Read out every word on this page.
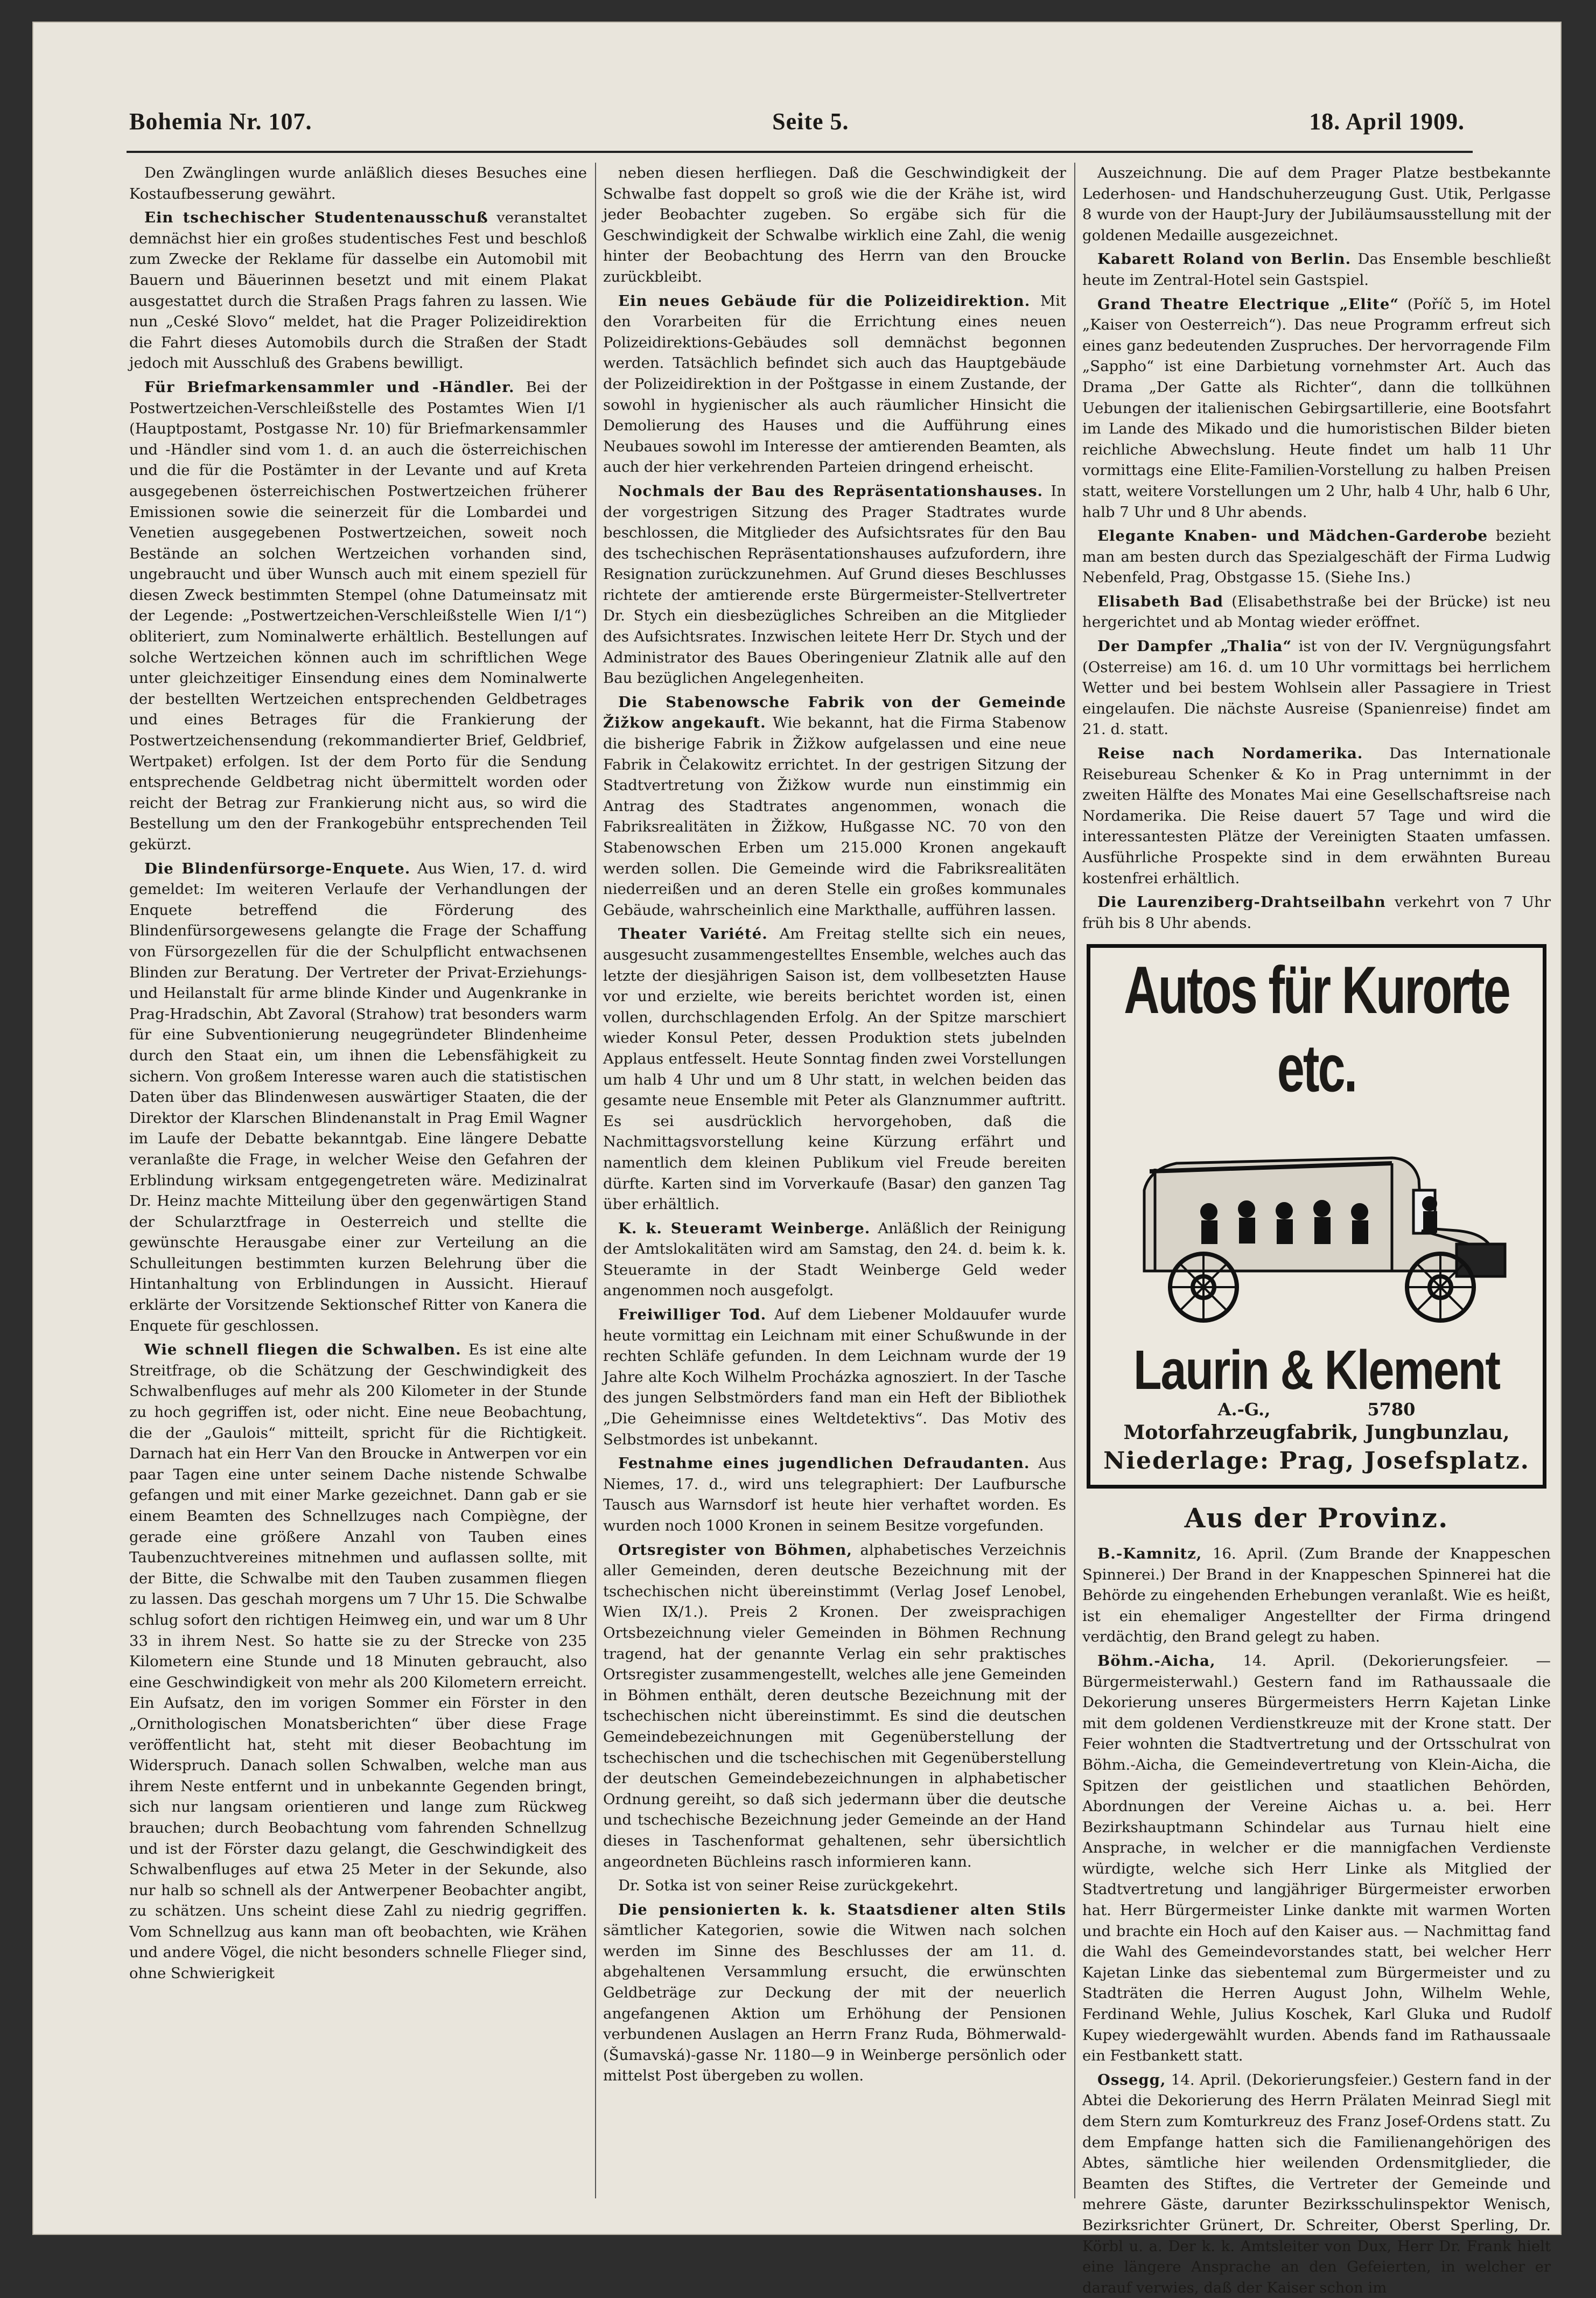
Bohemia Nr. 107.	Seite 5.	18. April 1909.

Den Zwänglingen wurde anläßlich dieses Besuches eine Kostaufbesserung gewährt.

Ein tschechischer Studentenausschuß veranstaltet demnächst hier ein großes studentisches Fest und beschloß zum Zwecke der Reklame für dasselbe ein Automobil mit Bauern und Bäuerinnen besetzt und mit einem Plakat ausgestattet durch die Straßen Prags fahren zu lassen. Wie nun „Ceské Slovo“ meldet, hat die Prager Polizeidirektion die Fahrt dieses Automobils durch die Straßen der Stadt jedoch mit Ausschluß des Grabens bewilligt.

Für Briefmarkensammler und -Händler. Bei der Postwertzeichen-Verschleißstelle des Postamtes Wien I/1 (Hauptpostamt, Postgasse Nr. 10) für Briefmarkensammler und -Händler sind vom 1. d. an auch die österreichischen und die für die Postämter in der Levante und auf Kreta ausgegebenen österreichischen Postwertzeichen früherer Emissionen sowie die seinerzeit für die Lombardei und Venetien ausgegebenen Postwertzeichen, soweit noch Bestände an solchen Wertzeichen vorhanden sind, ungebraucht und über Wunsch auch mit einem speziell für diesen Zweck bestimmten Stempel (ohne Datumeinsatz mit der Legende: „Postwertzeichen-Verschleißstelle Wien I/1“) obliteriert, zum Nominalwerte erhältlich. Bestellungen auf solche Wertzeichen können auch im schriftlichen Wege unter gleichzeitiger Einsendung eines dem Nominalwerte der bestellten Wertzeichen entsprechenden Geldbetrages und eines Betrages für die Frankierung der Postwertzeichensendung (rekommandierter Brief, Geldbrief, Wertpaket) erfolgen. Ist der dem Porto für die Sendung entsprechende Geldbetrag nicht übermittelt worden oder reicht der Betrag zur Frankierung nicht aus, so wird die Bestellung um den der Frankogebühr entsprechenden Teil gekürzt.

Die Blindenfürsorge-Enquete. Aus Wien, 17. d. wird gemeldet: Im weiteren Verlaufe der Verhandlungen der Enquete betreffend die Förderung des Blindenfürsorgewesens gelangte die Frage der Schaffung von Fürsorgezellen für die der Schulpflicht entwachsenen Blinden zur Beratung. Der Vertreter der Privat-Erziehungs- und Heilanstalt für arme blinde Kinder und Augenkranke in Prag-Hradschin, Abt Zavoral (Strahow) trat besonders warm für eine Subventionierung neugegründeter Blindenheime durch den Staat ein, um ihnen die Lebensfähigkeit zu sichern. Von großem Interesse waren auch die statistischen Daten über das Blindenwesen auswärtiger Staaten, die der Direktor der Klarschen Blindenanstalt in Prag Emil Wagner im Laufe der Debatte bekanntgab. Eine längere Debatte veranlaßte die Frage, in welcher Weise den Gefahren der Erblindung wirksam entgegengetreten wäre. Medizinalrat Dr. Heinz machte Mitteilung über den gegenwärtigen Stand der Schularztfrage in Oesterreich und stellte die gewünschte Herausgabe einer zur Verteilung an die Schulleitungen bestimmten kurzen Belehrung über die Hintanhaltung von Erblindungen in Aussicht. Hierauf erklärte der Vorsitzende Sektionschef Ritter von Kanera die Enquete für geschlossen.

Wie schnell fliegen die Schwalben. Es ist eine alte Streitfrage, ob die Schätzung der Geschwindigkeit des Schwalbenfluges auf mehr als 200 Kilometer in der Stunde zu hoch gegriffen ist, oder nicht. Eine neue Beobachtung, die der „Gaulois“ mitteilt, spricht für die Richtigkeit. Darnach hat ein Herr Van den Broucke in Antwerpen vor ein paar Tagen eine unter seinem Dache nistende Schwalbe gefangen und mit einer Marke gezeichnet. Dann gab er sie einem Beamten des Schnellzuges nach Compiègne, der gerade eine größere Anzahl von Tauben eines Taubenzuchtvereines mitnehmen und auflassen sollte, mit der Bitte, die Schwalbe mit den Tauben zusammen fliegen zu lassen. Das geschah morgens um 7 Uhr 15. Die Schwalbe schlug sofort den richtigen Heimweg ein, und war um 8 Uhr 33 in ihrem Nest. So hatte sie zu der Strecke von 235 Kilometern eine Stunde und 18 Minuten gebraucht, also eine Geschwindigkeit von mehr als 200 Kilometern erreicht. Ein Aufsatz, den im vorigen Sommer ein Förster in den „Ornithologischen Monatsberichten“ über diese Frage veröffentlicht hat, steht mit dieser Beobachtung im Widerspruch. Danach sollen Schwalben, welche man aus ihrem Neste entfernt und in unbekannte Gegenden bringt, sich nur langsam orientieren und lange zum Rückweg brauchen; durch Beobachtung vom fahrenden Schnellzug und ist der Förster dazu gelangt, die Geschwindigkeit des Schwalbenfluges auf etwa 25 Meter in der Sekunde, also nur halb so schnell als der Antwerpener Beobachter angibt, zu schätzen. Uns scheint diese Zahl zu niedrig gegriffen. Vom Schnellzug aus kann man oft beobachten, wie Krähen und andere Vögel, die nicht besonders schnelle Flieger sind, ohne Schwierigkeit

neben diesen herfliegen. Daß die Geschwindigkeit der Schwalbe fast doppelt so groß wie die der Krähe ist, wird jeder Beobachter zugeben. So ergäbe sich für die Geschwindigkeit der Schwalbe wirklich eine Zahl, die wenig hinter der Beobachtung des Herrn van den Broucke zurückbleibt.

Ein neues Gebäude für die Polizeidirektion. Mit den Vorarbeiten für die Errichtung eines neuen Polizeidirektions-Gebäudes soll demnächst begonnen werden. Tatsächlich befindet sich auch das Hauptgebäude der Polizeidirektion in der Poštgasse in einem Zustande, der sowohl in hygienischer als auch räumlicher Hinsicht die Demolierung des Hauses und die Aufführung eines Neubaues sowohl im Interesse der amtierenden Beamten, als auch der hier verkehrenden Parteien dringend erheischt.

Nochmals der Bau des Repräsentationshauses. In der vorgestrigen Sitzung des Prager Stadtrates wurde beschlossen, die Mitglieder des Aufsichtsrates für den Bau des tschechischen Repräsentationshauses aufzufordern, ihre Resignation zurückzunehmen. Auf Grund dieses Beschlusses richtete der amtierende erste Bürgermeister-Stellvertreter Dr. Stych ein diesbezügliches Schreiben an die Mitglieder des Aufsichtsrates. Inzwischen leitete Herr Dr. Stych und der Administrator des Baues Oberingenieur Zlatnik alle auf den Bau bezüglichen Angelegenheiten.

Die Stabenowsche Fabrik von der Gemeinde Žižkow angekauft. Wie bekannt, hat die Firma Stabenow die bisherige Fabrik in Žižkow aufgelassen und eine neue Fabrik in Čelakowitz errichtet. In der gestrigen Sitzung der Stadtvertretung von Žižkow wurde nun einstimmig ein Antrag des Stadtrates angenommen, wonach die Fabriksrealitäten in Žižkow, Hußgasse NC. 70 von den Stabenowschen Erben um 215.000 Kronen angekauft werden sollen. Die Gemeinde wird die Fabriksrealitäten niederreißen und an deren Stelle ein großes kommunales Gebäude, wahrscheinlich eine Markthalle, aufführen lassen.

Theater Variété. Am Freitag stellte sich ein neues, ausgesucht zusammengestelltes Ensemble, welches auch das letzte der diesjährigen Saison ist, dem vollbesetzten Hause vor und erzielte, wie bereits berichtet worden ist, einen vollen, durchschlagenden Erfolg. An der Spitze marschiert wieder Konsul Peter, dessen Produktion stets jubelnden Applaus entfesselt. Heute Sonntag finden zwei Vorstellungen um halb 4 Uhr und um 8 Uhr statt, in welchen beiden das gesamte neue Ensemble mit Peter als Glanznummer auftritt. Es sei ausdrücklich hervorgehoben, daß die Nachmittagsvorstellung keine Kürzung erfährt und namentlich dem kleinen Publikum viel Freude bereiten dürfte. Karten sind im Vorverkaufe (Basar) den ganzen Tag über erhältlich.

K. k. Steueramt Weinberge. Anläßlich der Reinigung der Amtslokalitäten wird am Samstag, den 24. d. beim k. k. Steueramte in der Stadt Weinberge Geld weder angenommen noch ausgefolgt.

Freiwilliger Tod. Auf dem Liebener Moldauufer wurde heute vormittag ein Leichnam mit einer Schußwunde in der rechten Schläfe gefunden. In dem Leichnam wurde der 19 Jahre alte Koch Wilhelm Procházka agnosziert. In der Tasche des jungen Selbstmörders fand man ein Heft der Bibliothek „Die Geheimnisse eines Weltdetektivs“. Das Motiv des Selbstmordes ist unbekannt.

Festnahme eines jugendlichen Defraudanten. Aus Niemes, 17. d., wird uns telegraphiert: Der Laufbursche Tausch aus Warnsdorf ist heute hier verhaftet worden. Es wurden noch 1000 Kronen in seinem Besitze vorgefunden.

Ortsregister von Böhmen, alphabetisches Verzeichnis aller Gemeinden, deren deutsche Bezeichnung mit der tschechischen nicht übereinstimmt (Verlag Josef Lenobel, Wien IX/1.). Preis 2 Kronen. Der zweisprachigen Ortsbezeichnung vieler Gemeinden in Böhmen Rechnung tragend, hat der genannte Verlag ein sehr praktisches Ortsregister zusammengestellt, welches alle jene Gemeinden in Böhmen enthält, deren deutsche Bezeichnung mit der tschechischen nicht übereinstimmt. Es sind die deutschen Gemeindebezeichnungen mit Gegenüberstellung der tschechischen und die tschechischen mit Gegenüberstellung der deutschen Gemeindebezeichnungen in alphabetischer Ordnung gereiht, so daß sich jedermann über die deutsche und tschechische Bezeichnung jeder Gemeinde an der Hand dieses in Taschenformat gehaltenen, sehr übersichtlich angeordneten Büchleins rasch informieren kann.

Dr. Sotka ist von seiner Reise zurückgekehrt.

Die pensionierten k. k. Staatsdiener alten Stils sämtlicher Kategorien, sowie die Witwen nach solchen werden im Sinne des Beschlusses der am 11. d. abgehaltenen Versammlung ersucht, die erwünschten Geldbeträge zur Deckung der mit der neuerlich angefangenen Aktion um Erhöhung der Pensionen verbundenen Auslagen an Herrn Franz Ruda, Böhmerwald-(Šumavská)-gasse Nr. 1180—9 in Weinberge persönlich oder mittelst Post übergeben zu wollen.

Auszeichnung. Die auf dem Prager Platze bestbekannte Lederhosen- und Handschuherzeugung Gust. Utik, Perlgasse 8 wurde von der Haupt-Jury der Jubiläumsausstellung mit der goldenen Medaille ausgezeichnet.

Kabarett Roland von Berlin. Das Ensemble beschließt heute im Zentral-Hotel sein Gastspiel.

Grand Theatre Electrique „Elite“ (Poříč 5, im Hotel „Kaiser von Oesterreich“). Das neue Programm erfreut sich eines ganz bedeutenden Zuspruches. Der hervorragende Film „Sappho“ ist eine Darbietung vornehmster Art. Auch das Drama „Der Gatte als Richter“, dann die tollkühnen Uebungen der italienischen Gebirgsartillerie, eine Bootsfahrt im Lande des Mikado und die humoristischen Bilder bieten reichliche Abwechslung. Heute findet um halb 11 Uhr vormittags eine Elite-Familien-Vorstellung zu halben Preisen statt, weitere Vorstellungen um 2 Uhr, halb 4 Uhr, halb 6 Uhr, halb 7 Uhr und 8 Uhr abends.

Elegante Knaben- und Mädchen-Garderobe bezieht man am besten durch das Spezialgeschäft der Firma Ludwig Nebenfeld, Prag, Obstgasse 15. (Siehe Ins.)

Elisabeth Bad (Elisabethstraße bei der Brücke) ist neu hergerichtet und ab Montag wieder eröffnet.

Der Dampfer „Thalia“ ist von der IV. Vergnügungsfahrt (Osterreise) am 16. d. um 10 Uhr vormittags bei herrlichem Wetter und bei bestem Wohlsein aller Passagiere in Triest eingelaufen. Die nächste Ausreise (Spanienreise) findet am 21. d. statt.

Reise nach Nordamerika. Das Internationale Reisebureau Schenker & Ko in Prag unternimmt in der zweiten Hälfte des Monates Mai eine Gesellschaftsreise nach Nordamerika. Die Reise dauert 57 Tage und wird die interessantesten Plätze der Vereinigten Staaten umfassen. Ausführliche Prospekte sind in dem erwähnten Bureau kostenfrei erhältlich.

Die Laurenziberg-Drahtseilbahn verkehrt von 7 Uhr früh bis 8 Uhr abends.

Autos für Kurorte etc.
Laurin & Klement
A.-G.,	5780
Motorfahrzeugfabrik, Jungbunzlau,
Niederlage: Prag, Josefsplatz.
Aus der Provinz.

B.-Kamnitz, 16. April. (Zum Brande der Knappeschen Spinnerei.) Der Brand in der Knappeschen Spinnerei hat die Behörde zu eingehenden Erhebungen veranlaßt. Wie es heißt, ist ein ehemaliger Angestellter der Firma dringend verdächtig, den Brand gelegt zu haben.

Böhm.-Aicha, 14. April. (Dekorierungsfeier. — Bürgermeisterwahl.) Gestern fand im Rathaussaale die Dekorierung unseres Bürgermeisters Herrn Kajetan Linke mit dem goldenen Verdienstkreuze mit der Krone statt. Der Feier wohnten die Stadtvertretung und der Ortsschulrat von Böhm.-Aicha, die Gemeindevertretung von Klein-Aicha, die Spitzen der geistlichen und staatlichen Behörden, Abordnungen der Vereine Aichas u. a. bei. Herr Bezirkshauptmann Schindelar aus Turnau hielt eine Ansprache, in welcher er die mannigfachen Verdienste würdigte, welche sich Herr Linke als Mitglied der Stadtvertretung und langjähriger Bürgermeister erworben hat. Herr Bürgermeister Linke dankte mit warmen Worten und brachte ein Hoch auf den Kaiser aus. — Nachmittag fand die Wahl des Gemeindevorstandes statt, bei welcher Herr Kajetan Linke das siebentemal zum Bürgermeister und zu Stadträten die Herren August John, Wilhelm Wehle, Ferdinand Wehle, Julius Koschek, Karl Gluka und Rudolf Kupey wiedergewählt wurden. Abends fand im Rathaussaale ein Festbankett statt.

Ossegg, 14. April. (Dekorierungsfeier.) Gestern fand in der Abtei die Dekorierung des Herrn Prälaten Meinrad Siegl mit dem Stern zum Komturkreuz des Franz Josef-Ordens statt. Zu dem Empfange hatten sich die Familienangehörigen des Abtes, sämtliche hier weilenden Ordensmitglieder, die Beamten des Stiftes, die Vertreter der Gemeinde und mehrere Gäste, darunter Bezirksschulinspektor Wenisch, Bezirksrichter Grünert, Dr. Schreiter, Oberst Sperling, Dr. Körbl u. a. Der k. k. Amtsleiter von Dux, Herr Dr. Frank hielt eine längere Ansprache an den Gefeierten, in welcher er darauf verwies, daß der Kaiser schon im
